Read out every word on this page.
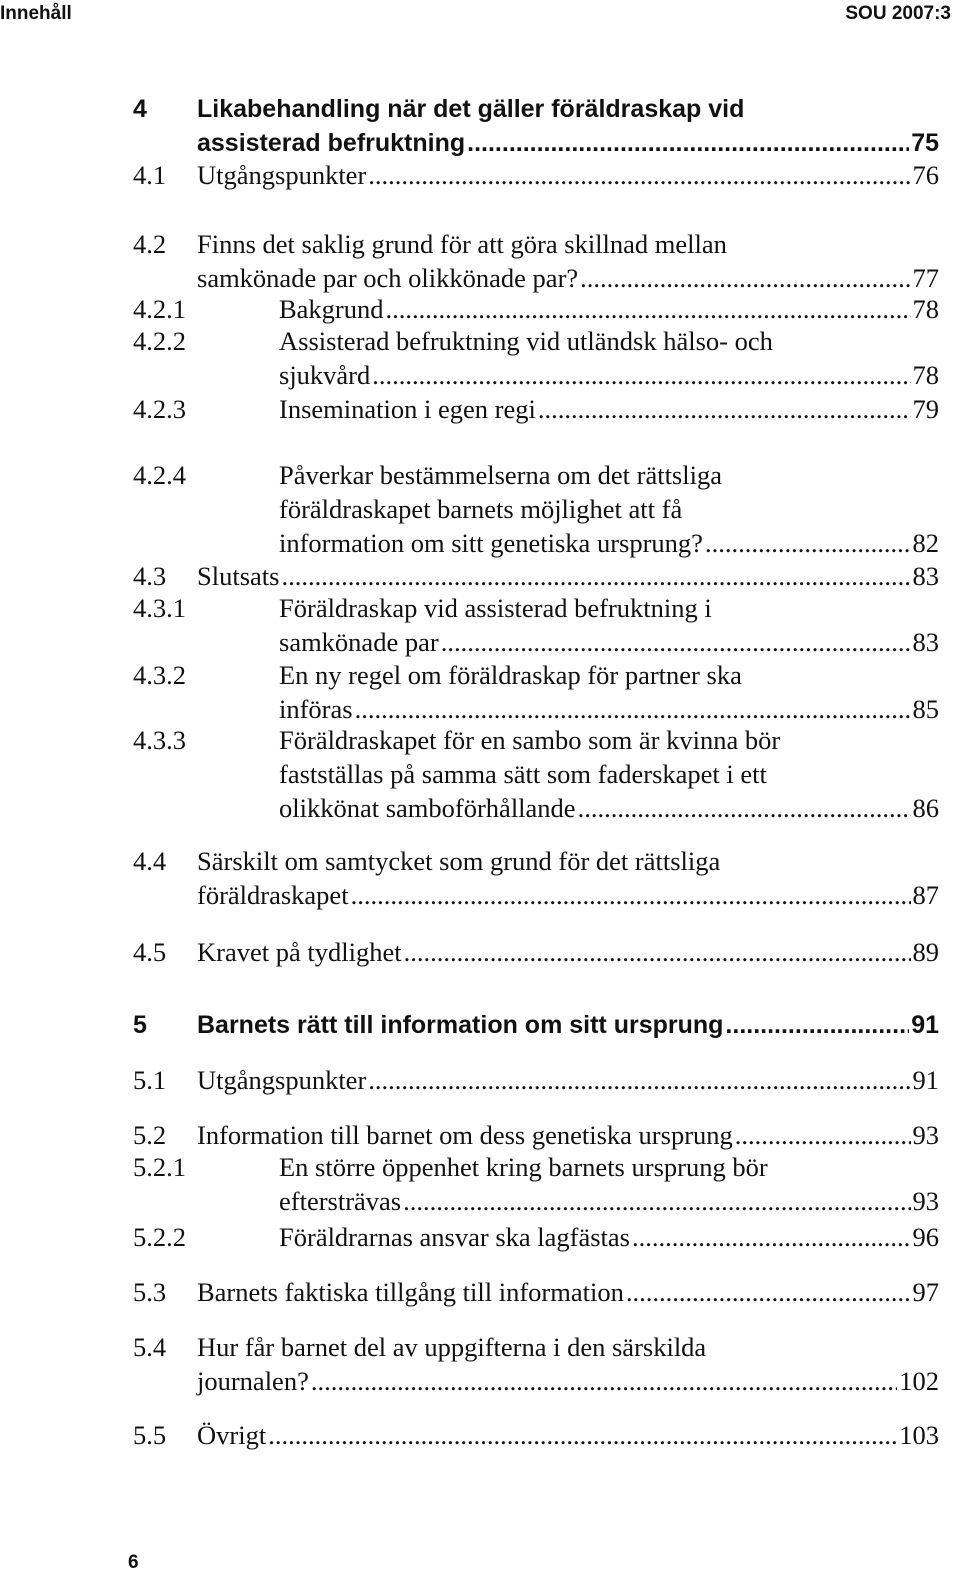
Innehåll	SOU 2007:3
4 Likabehandling när det gäller föräldraskap vid
assisterad befruktning .....	75
4.1 Utgångspunkter .....	76
4.2 Finns det saklig grund för att göra skillnad mellan
samkönade par och olikkönade par? .....	77
4.2.1	Bakgrund .....	78
4.2.2	Assisterad befruktning vid utländsk hälso- och
sjukvård .....	78
4.2.3	Insemination i egen regi .....	79
4.2.4	Påverkar bestämmelserna om det rättsliga
föräldraskapet barnets möjlighet att få
information om sitt genetiska ursprung? .....	82
4.3 Slutsats .....	83
4.3.1	Föräldraskap vid assisterad befruktning i
samkönade par .....	83
4.3.2	En ny regel om föräldraskap för partner ska
införas .....	85
4.3.3	Föräldraskapet för en sambo som är kvinna bör
fastställas på samma sätt som faderskapet i ett
olikkönat samboförhållande .....	86
4.4 Särskilt om samtycket som grund för det rättsliga
föräldraskapet .....	87
4.5 Kravet på tydlighet .....	89
5 Barnets rätt till information om sitt ursprung .....	91
5.1 Utgångspunkter .....	91
5.2 Information till barnet om dess genetiska ursprung .....	93
5.2.1	En större öppenhet kring barnets ursprung bör
eftersträvas .....	93
5.2.2	Föräldrarnas ansvar ska lagfästas .....	96
5.3 Barnets faktiska tillgång till information .....	97
5.4 Hur får barnet del av uppgifterna i den särskilda
journalen? .....	102
5.5 Övrigt .....	103
6
